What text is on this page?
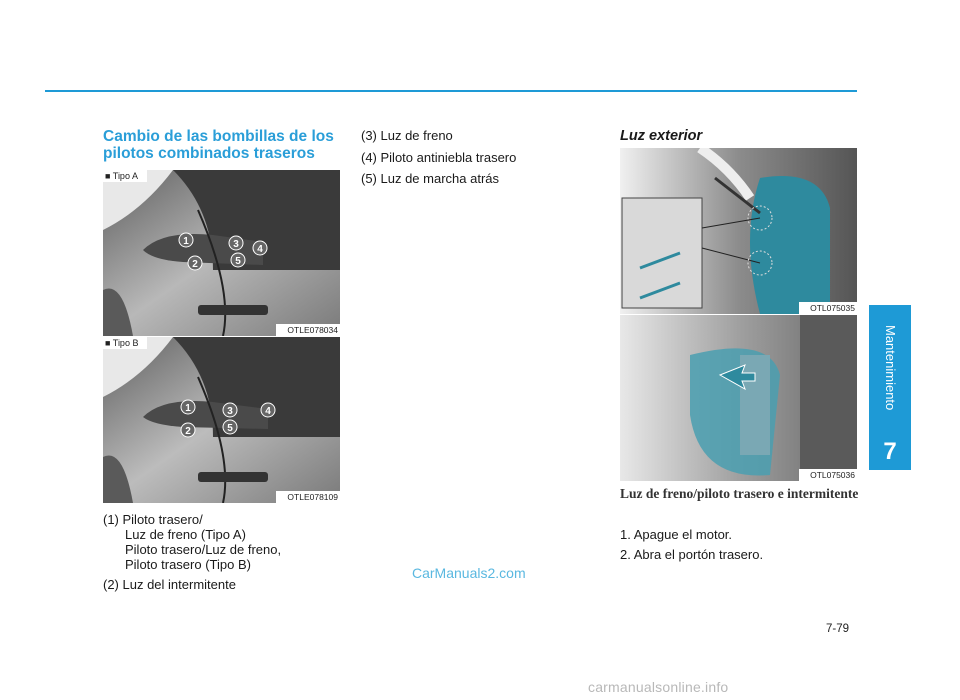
Mantenimiento
7
Cambio de las bombillas de los pilotos combinados traseros
1
2
3 4
5
■ Tipo A
OTLE078034
1
2
3	4
5
■ Tipo B
OTLE078109
(1) Piloto trasero/
Luz de freno (Tipo A)
Piloto trasero/Luz de freno,
Piloto trasero (Tipo B)
(2) Luz del intermitente
(3) Luz de freno
(4) Piloto antiniebla trasero
(5) Luz de marcha atrás
Luz exterior
OTL075035
OTL075036
Luz de freno/piloto trasero e intermitente
1. Apague el motor.
2. Abra el portón trasero.
CarManuals2.com
7-79
carmanualsonline.info
